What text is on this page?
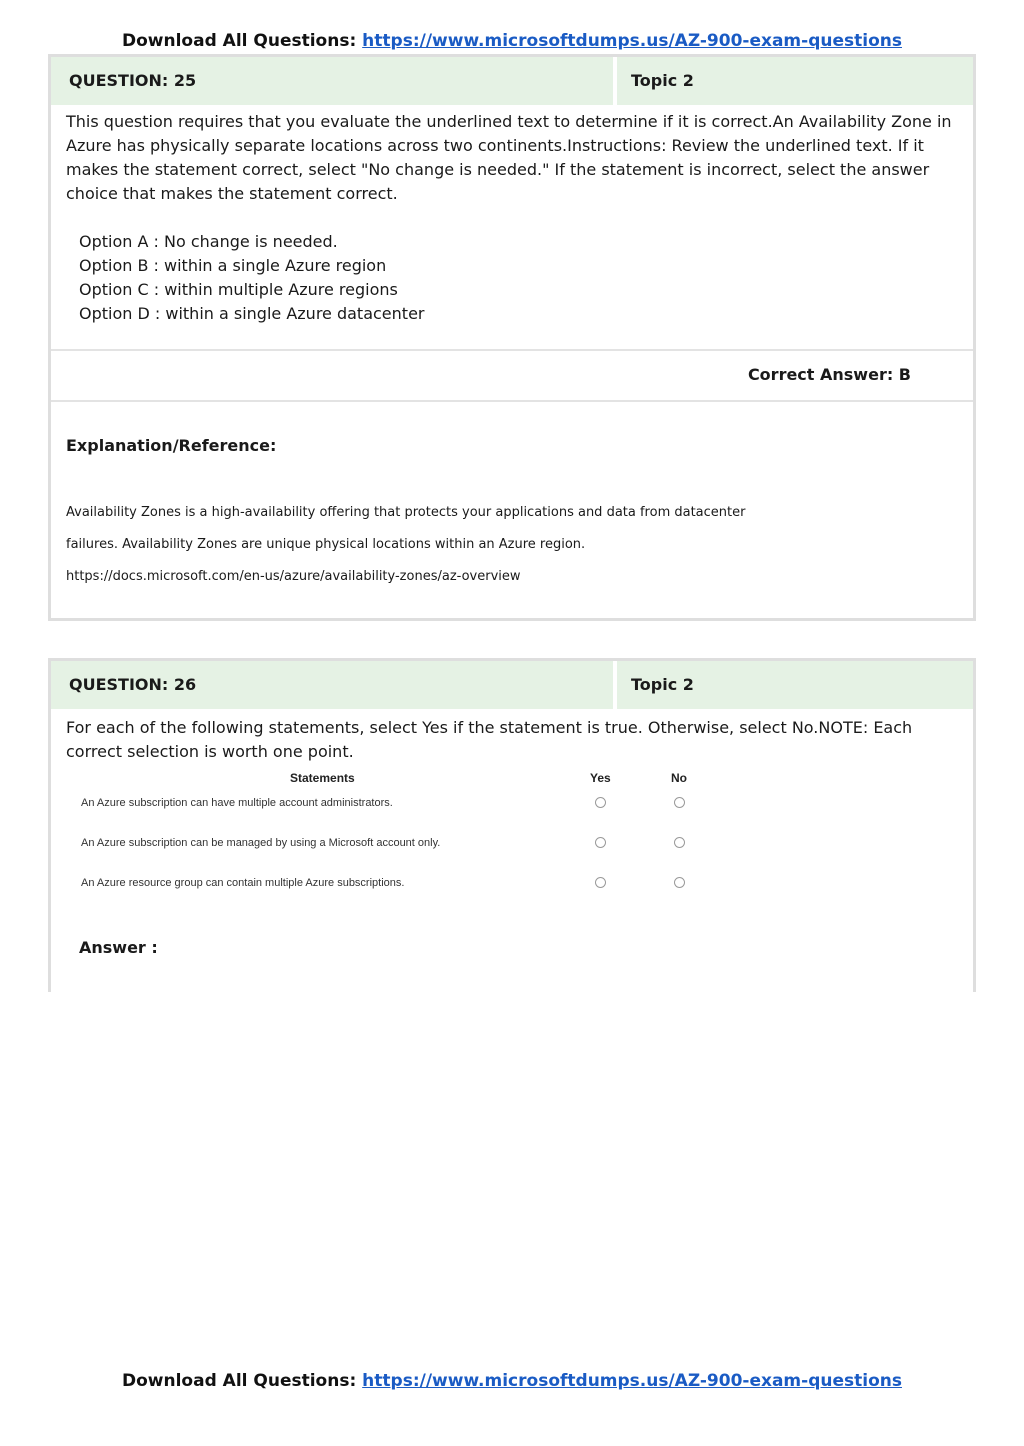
Download All Questions: https://www.microsoftdumps.us/AZ-900-exam-questions
QUESTION: 25	Topic 2

This question requires that you evaluate the underlined text to determine if it is correct.An Availability Zone in Azure has physically separate locations across two continents.Instructions: Review the underlined text. If it makes the statement correct, select "No change is needed." If the statement is incorrect, select the answer choice that makes the statement correct.

Option A : No change is needed.
Option B : within a single Azure region
Option C : within multiple Azure regions
Option D : within a single Azure datacenter
Correct Answer: B
Explanation/Reference:

Availability Zones is a high-availability offering that protects your applications and data from datacenter

failures. Availability Zones are unique physical locations within an Azure region.

https://docs.microsoft.com/en-us/azure/availability-zones/az-overview

QUESTION: 26	Topic 2

For each of the following statements, select Yes if the statement is true. Otherwise, select No.NOTE: Each correct selection is worth one point.

Statements	Yes	No
An Azure subscription can have multiple account administrators.
An Azure subscription can be managed by using a Microsoft account only.
An Azure resource group can contain multiple Azure subscriptions.
Answer :
Download All Questions: https://www.microsoftdumps.us/AZ-900-exam-questions
